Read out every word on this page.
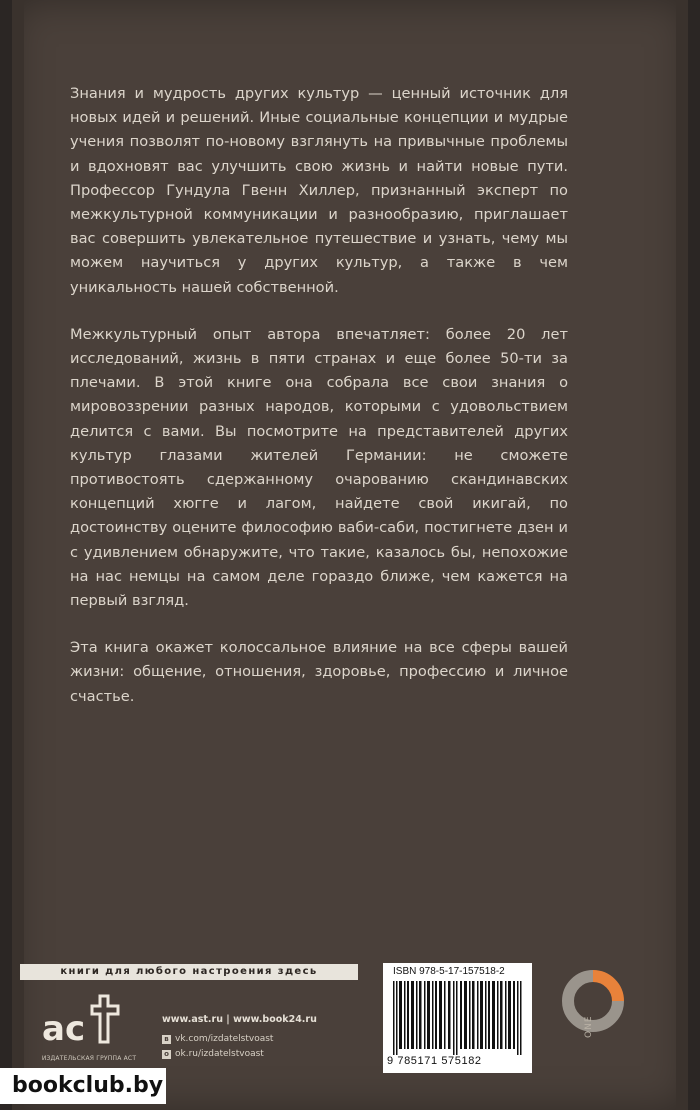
Знания и мудрость других культур — ценный источник для новых идей и решений. Иные социальные концепции и мудрые учения позволят по-новому взглянуть на привычные проблемы и вдохновят вас улучшить свою жизнь и найти новые пути. Профессор Гундула Гвенн Хиллер, признанный эксперт по межкультурной коммуникации и разнообразию, приглашает вас совершить увлекательное путешествие и узнать, чему мы можем научиться у других культур, а также в чем уникальность нашей собственной.

Межкультурный опыт автора впечатляет: более 20 лет исследований, жизнь в пяти странах и еще более 50-ти за плечами. В этой книге она собрала все свои знания о мировоззрении разных народов, которыми с удовольствием делится с вами. Вы посмотрите на представителей других культур глазами жителей Германии: не сможете противостоять сдержанному очарованию скандинавских концепций хюгге и лагом, найдете свой икигай, по достоинству оцените философию ваби-саби, постигнете дзен и с удивлением обнаружите, что такие, казалось бы, непохожие на нас немцы на самом деле гораздо ближе, чем кажется на первый взгляд.

Эта книга окажет колоссальное влияние на все сферы вашей жизни: общение, отношения, здоровье, профессию и личное счастье.

книги для любого настроения здесь
ac
ИЗДАТЕЛЬСКАЯ ГРУППА АСТ
www.ast.ru | www.book24.ru
в vk.com/izdatelstvoast
о ok.ru/izdatelstvoast
ISBN 978-5-17-157518-2
9 785171 575182
ONE
bookclub.by
